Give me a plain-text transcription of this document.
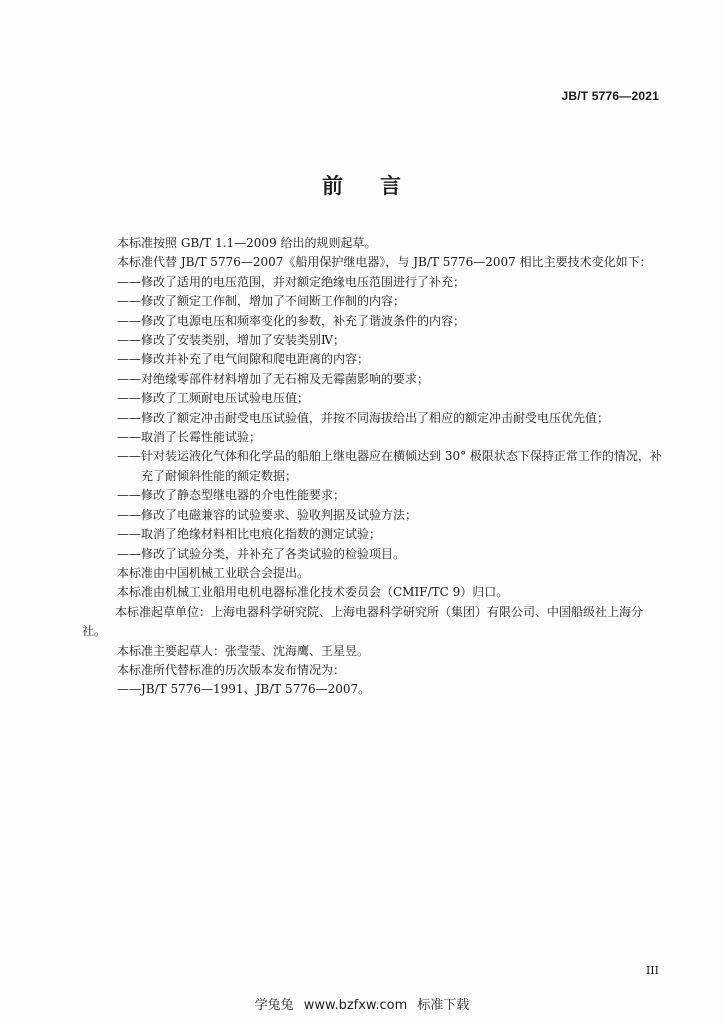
JB/T 5776—2021
前 言

本标准按照 GB/T 1.1—2009 给出的规则起草。

本标准代替 JB/T 5776—2007《船用保护继电器》，与 JB/T 5776—2007 相比主要技术变化如下：

——修改了适用的电压范围，并对额定绝缘电压范围进行了补充；

——修改了额定工作制，增加了不间断工作制的内容；

——修改了电源电压和频率变化的参数，补充了谐波条件的内容；

——修改了安装类别，增加了安装类别Ⅳ；

——修改并补充了电气间隙和爬电距离的内容；

——对绝缘零部件材料增加了无石棉及无霉菌影响的要求；

——修改了工频耐电压试验电压值；

——修改了额定冲击耐受电压试验值，并按不同海拔给出了相应的额定冲击耐受电压优先值；

——取消了长霉性能试验；

——针对装运液化气体和化学品的船舶上继电器应在横倾达到 30° 极限状态下保持正常工作的情况，补充了耐倾斜性能的额定数据；

——修改了静态型继电器的介电性能要求；

——修改了电磁兼容的试验要求、验收判据及试验方法；

——取消了绝缘材料相比电痕化指数的测定试验；

——修改了试验分类，并补充了各类试验的检验项目。

本标准由中国机械工业联合会提出。

本标准由机械工业船用电机电器标准化技术委员会（CMIF/TC 9）归口。

本标准起草单位：上海电器科学研究院、上海电器科学研究所（集团）有限公司、中国船级社上海分社。

本标准主要起草人：张莹莹、沈海鹰、王星昱。

本标准所代替标准的历次版本发布情况为：

——JB/T 5776—1991、JB/T 5776—2007。

III
学兔兔 www.bzfxw.com 标准下载
